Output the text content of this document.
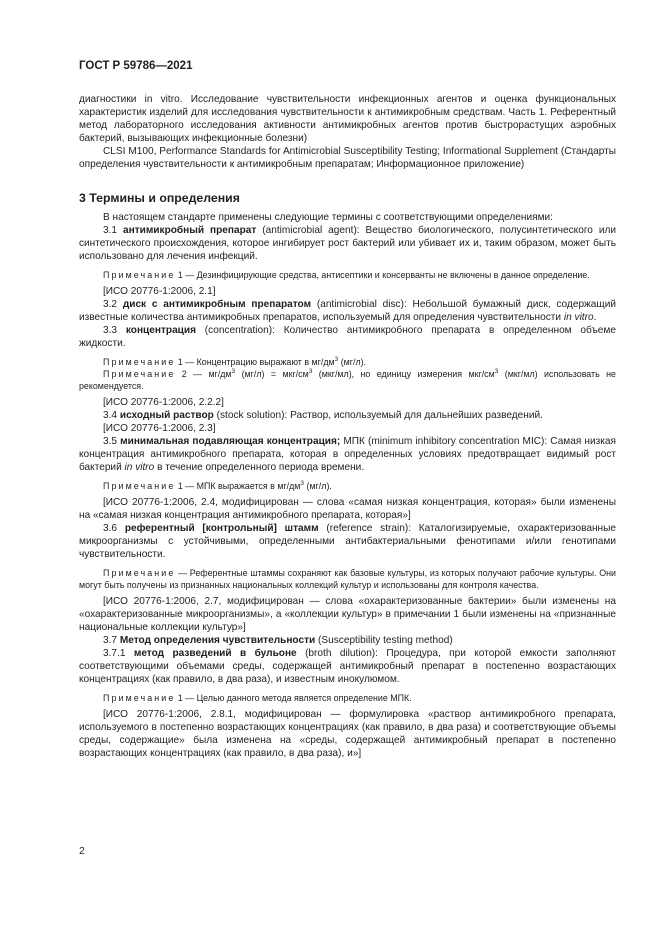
ГОСТ Р 59786—2021

диагностики in vitro. Исследование чувствительности инфекционных агентов и оценка функциональных характеристик изделий для исследования чувствительности к антимикробным средствам. Часть 1. Референтный метод лабораторного исследования активности антимикробных агентов против быстрорастущих аэробных бактерий, вызывающих инфекционные болезни)

CLSI M100, Performance Standards for Antimicrobial Susceptibility Testing; Informational Supplement (Стандарты определения чувствительности к антимикробным препаратам; Информационное приложение)

3 Термины и определения

В настоящем стандарте применены следующие термины с соответствующими определениями:

3.1 антимикробный препарат (antimicrobial agent): Вещество биологического, полусинтетического или синтетического происхождения, которое ингибирует рост бактерий или убивает их и, таким образом, может быть использовано для лечения инфекций.

Примечание 1 — Дезинфицирующие средства, антисептики и консерванты не включены в данное определение.

[ИСО 20776-1:2006, 2.1]

3.2 диск с антимикробным препаратом (antimicrobial disc): Небольшой бумажный диск, содержащий известные количества антимикробных препаратов, используемый для определения чувствительности in vitro.

3.3 концентрация (concentration): Количество антимикробного препарата в определенном объеме жидкости.

Примечание 1 — Концентрацию выражают в $мг/дм^3$ (мг/л).

Примечание 2 — $мг/дм^3$ (мг/л) = мкг/$см^3$ (мкг/мл), но единицу измерения мкг/$см^3$ (мкг/мл) использовать не рекомендуется.

[ИСО 20776-1:2006, 2.2.2]

3.4 исходный раствор (stock solution): Раствор, используемый для дальнейших разведений.

[ИСО 20776-1:2006, 2.3]

3.5 минимальная подавляющая концентрация; МПК (minimum inhibitory concentration MIC): Самая низкая концентрация антимикробного препарата, которая в определенных условиях предотвращает видимый рост бактерий in vitro в течение определенного периода времени.

Примечание 1 — МПК выражается в $мг/дм^3$ (мг/л).

[ИСО 20776-1:2006, 2.4, модифицирован — слова «самая низкая концентрация, которая» были изменены на «самая низкая концентрация антимикробного препарата, которая»]

3.6 референтный [контрольный] штамм (reference strain): Каталогизируемые, охарактеризованные микроорганизмы с устойчивыми, определенными антибактериальными фенотипами и/или генотипами чувствительности.

Примечание — Референтные штаммы сохраняют как базовые культуры, из которых получают рабочие культуры. Они могут быть получены из признанных национальных коллекций культур и использованы для контроля качества.

[ИСО 20776-1:2006, 2.7, модифицирован — слова «охарактеризованные бактерии» были изменены на «охарактеризованные микроорганизмы», а «коллекции культур» в примечании 1 были изменены на «признанные национальные коллекции культур»]

3.7 Метод определения чувствительности (Susceptibility testing method)

3.7.1 метод разведений в бульоне (broth dilution): Процедура, при которой емкости заполняют соответствующими объемами среды, содержащей антимикробный препарат в постепенно возрастающих концентрациях (как правило, в два раза), и известным инокулюмом.

Примечание 1 — Целью данного метода является определение МПК.

[ИСО 20776-1:2006, 2.8.1, модифицирован — формулировка «раствор антимикробного препарата, используемого в постепенно возрастающих концентрациях (как правило, в два раза) и соответствующие объемы среды, содержащие» была изменена на «среды, содержащей антимикробный препарат в постепенно возрастающих концентрациях (как правило, в два раза), и»]

2
